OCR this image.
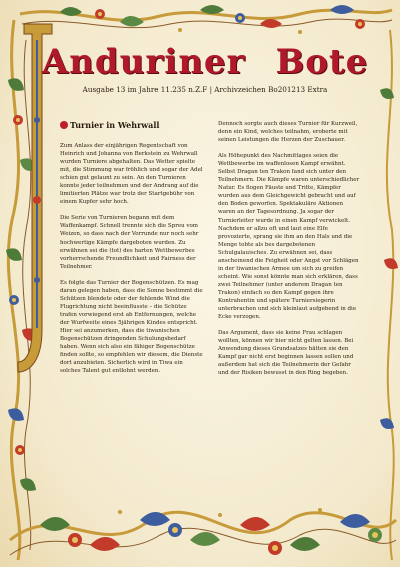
Anduriner Bote
Ausgabe 13 im Jahre 11.235 n.Z.F | Archivzeichen Bo201213 Extra
Turnier in Wehrwall

Zum Anlass der einjährigen Regentschaft von Heinrich und Johanna von Berkstein zu Wehrwall wurden Turniere abgehalten. Das Wetter spielte mit, die Stimmung war fröhlich und sogar der Adel schien gut gelaunt zu sein. An den Turnieren konnte jeder teilnehmen und der Andrang auf die limitierten Plätze war trotz der Startgebühr von einem Kupfer sehr hoch.

Die Serie von Turnieren begann mit dem Waffenkampf. Schnell trennte sich die Spreu vom Weizen, so dass nach der Vorrunde nur noch sehr hochwertige Kämpfe dargeboten wurden. Zu erwähnen sei die (tot) des harten Wettbewerbes vorherrschende Freundlichkeit und Fairness der Teilnehmer.

Es folgte das Turnier der Bogenschützen. Es mag daran gelegen haben, dass die Sonne bestimmt die Schützen blendete oder der fehlende Wind die Flugrichtung nicht beeinflusste – die Schütze trafen vorwiegend erst ab Entfernungen, welche der Wurfweite eines 5jährigen Kindes entspricht. Hier sei anzumerken, dass die tiwanischen Bogenschützen dringenden Schulungsbedarf haben. Wenn sich also ein fähiger Bogenschütze finden sollte, so empfehlen wir diesem, die Dienste dort anzubieten. Sicherlich wird in Tiwa ein solches Talent gut entlohnt werden.

Dennoch sorgte auch dieses Turnier für Kurzweil, denn ein Kind, welches teilnahm, eroberte mit seinen Leistungen die Herzen der Zuschauer.

Als Höhepunkt des Nachmittages seien die Wettbewerbe im waffenlosen Kampf erwähnt. Selbst Dragan ten Trakon fand sich unter den Teilnehmern. Die Kämpfe waren unterschiedlicher Natur. Es flogen Fäuste und Tritte, Kämpfer wurden aus dem Gleichgewicht gebracht und auf den Boden geworfen. Spektakuläre Aktionen waren an der Tagesordnung. Ja sogar der Turnierleiter wurde in einen Kampf verwickelt. Nachdem er allzu oft und laut eine Elfe provozierte, sprang sie ihm an den Hals und die Menge tobte als bes dargebotenen Schulgalauisches. Zu erwähnen sei, dass anscheinend die Feigheit oder Angst vor Schlägen in der tiwanischen Armee um sich zu greifen scheint. Wie sonst könnte man sich erklären, dass zwei Teilnehmer (unter anderem Dragan ten Trakon) einfach so den Kampf gegen ihre Kontrahentin und spätere Turniersiegerin unterbrachen und sich kleinlaut aufgebend in die Ecke verzogen.

Das Argument, dass sie keine Frau schlagen wollten, können wir hier nicht gelten lassen. Bei Anwendung dieses Grundsatzes hätten sie den Kampf gar nicht erst beginnen lassen sollen und außerdem hat sich die Teilnehmerin der Gefahr und der Risiken bewusst in den Ring begeben.
